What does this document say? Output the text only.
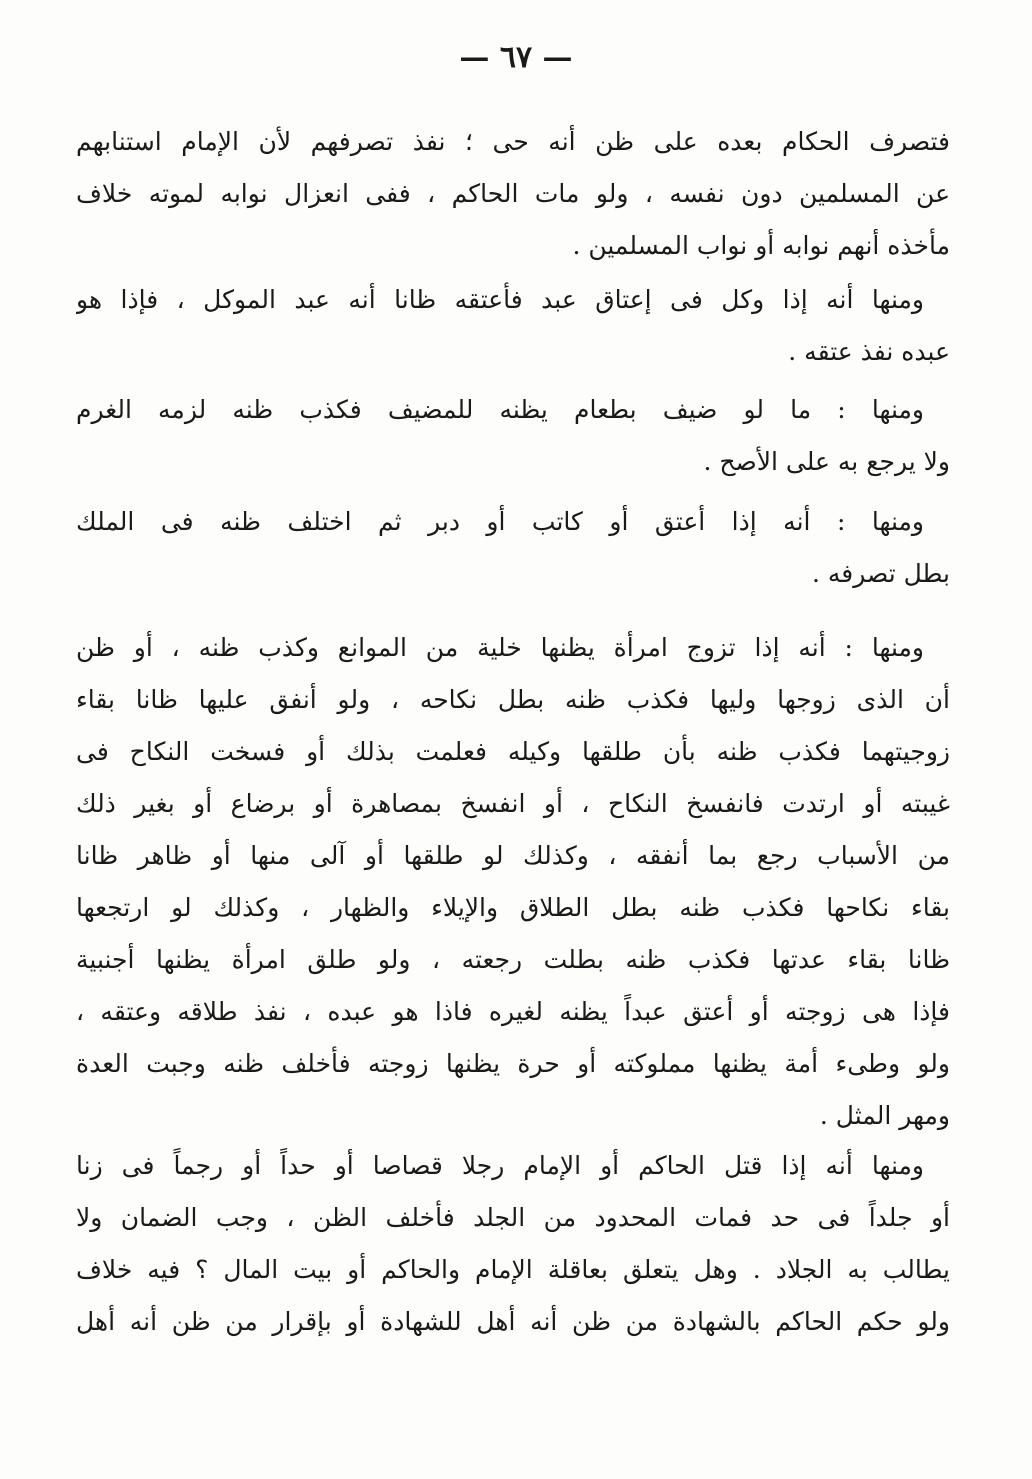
— ٦٧ —
فتصرف الحكام بعده على ظن أنه حى ؛ نفذ تصرفهم لأن الإمام استنابهم
عن المسلمين دون نفسه ، ولو مات الحاكم ، ففى انعزال نوابه لموته خلاف
مأخذه أنهم نوابه أو نواب المسلمين .
ومنها أنه إذا وكل فى إعتاق عبد فأعتقه ظانا أنه عبد الموكل ، فإذا هو
عبده نفذ عتقه .
ومنها : ما لو ضيف بطعام يظنه للمضيف فكذب ظنه لزمه الغرم
ولا يرجع به على الأصح .
ومنها : أنه إذا أعتق أو كاتب أو دبر ثم اختلف ظنه فى الملك
بطل تصرفه .
ومنها : أنه إذا تزوج امرأة يظنها خلية من الموانع وكذب ظنه ، أو ظن
أن الذى زوجها وليها فكذب ظنه بطل نكاحه ، ولو أنفق عليها ظانا بقاء
زوجيتهما فكذب ظنه بأن طلقها وكيله فعلمت بذلك أو فسخت النكاح فى
غيبته أو ارتدت فانفسخ النكاح ، أو انفسخ بمصاهرة أو برضاع أو بغير ذلك
من الأسباب رجع بما أنفقه ، وكذلك لو طلقها أو آلى منها أو ظاهر ظانا
بقاء نكاحها فكذب ظنه بطل الطلاق والإيلاء والظهار ، وكذلك لو ارتجعها
ظانا بقاء عدتها فكذب ظنه بطلت رجعته ، ولو طلق امرأة يظنها أجنبية
فإذا هى زوجته أو أعتق عبداً يظنه لغيره فاذا هو عبده ، نفذ طلاقه وعتقه ،
ولو وطىء أمة يظنها مملوكته أو حرة يظنها زوجته فأخلف ظنه وجبت العدة
ومهر المثل .
ومنها أنه إذا قتل الحاكم أو الإمام رجلا قصاصا أو حداً أو رجماً فى زنا
أو جلداً فى حد فمات المحدود من الجلد فأخلف الظن ، وجب الضمان ولا
يطالب به الجلاد . وهل يتعلق بعاقلة الإمام والحاكم أو بيت المال ؟ فيه خلاف
ولو حكم الحاكم بالشهادة من ظن أنه أهل للشهادة أو بإقرار من ظن أنه أهل
